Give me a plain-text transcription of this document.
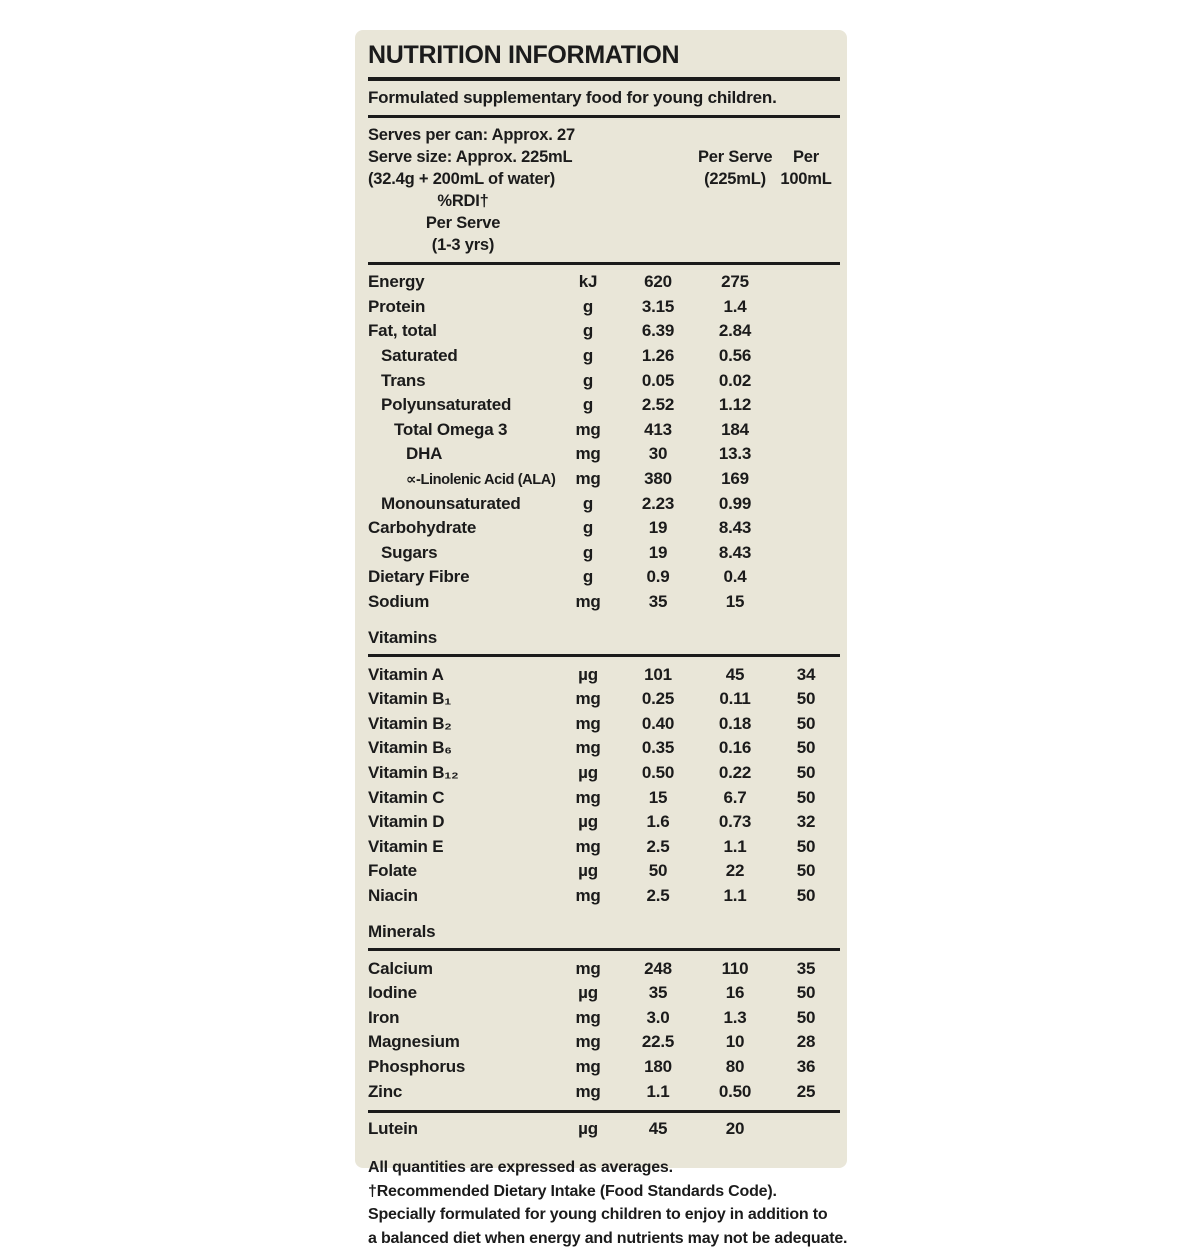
NUTRITION INFORMATION
Formulated supplementary food for young children.
Serves per can: Approx. 27
Serve size: Approx. 225mL
(32.4g + 200mL of water)

Per Serve
(225mL)

Per
100mL
%RDI†
Per Serve
(1-3 yrs)
Energy	kJ	620	275
Protein	g	3.15	1.4
Fat, total	g	6.39	2.84
Saturated	g	1.26	0.56
Trans	g	0.05	0.02
Polyunsaturated	g	2.52	1.12
Total Omega 3	mg	413	184
DHA	mg	30	13.3
∝-Linolenic Acid (ALA)	mg	380	169
Monounsaturated	g	2.23	0.99
Carbohydrate	g	19	8.43
Sugars	g	19	8.43
Dietary Fibre	g	0.9	0.4
Sodium	mg	35	15
Vitamins
Vitamin A	µg	101	45	34
Vitamin B₁	mg	0.25	0.11	50
Vitamin B₂	mg	0.40	0.18	50
Vitamin B₆	mg	0.35	0.16	50
Vitamin B₁₂	µg	0.50	0.22	50
Vitamin C	mg	15	6.7	50
Vitamin D	µg	1.6	0.73	32
Vitamin E	mg	2.5	1.1	50
Folate	µg	50	22	50
Niacin	mg	2.5	1.1	50
Minerals
Calcium	mg	248	110	35
Iodine	µg	35	16	50
Iron	mg	3.0	1.3	50
Magnesium	mg	22.5	10	28
Phosphorus	mg	180	80	36
Zinc	mg	1.1	0.50	25
Lutein	µg	45	20
All quantities are expressed as averages.
†Recommended Dietary Intake (Food Standards Code).
Specially formulated for young children to enjoy in addition to
a balanced diet when energy and nutrients may not be adequate.
